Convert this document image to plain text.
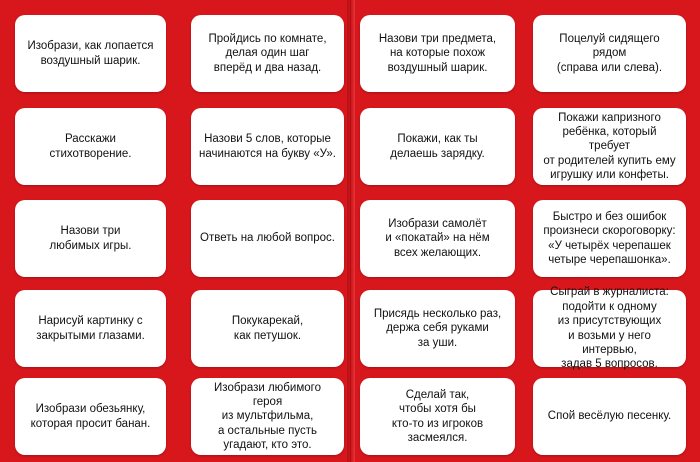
Изобрази, как лопается
воздушный шарик.
Пройдись по комнате,
делая один шаг
вперёд и два назад.
Назови три предмета,
на которые похож
воздушный шарик.
Поцелуй сидящего рядом
(справа или слева).
Расскажи
стихотворение.
Назови 5 слов, которые
начинаются на букву «У».
Покажи, как ты
делаешь зарядку.
Покажи капризного
ребёнка, который требует
от родителей купить ему
игрушку или конфеты.
Назови три
любимых игры.
Ответь на любой вопрос.
Изобрази самолёт
и «покатай» на нём
всех желающих.
Быстро и без ошибок
произнеси скороговорку:
«У четырёх черепашек
четыре черепашонка».
Нарисуй картинку с
закрытыми глазами.
Покукарекай,
как петушок.
Присядь несколько раз,
держа себя руками
за уши.
Сыграй в журналиста:
подойти к одному
из присутствующих
и возьми у него интервью,
задав 5 вопросов.
Изобрази обезьянку,
которая просит банан.
Изобрази любимого героя
из мультфильма,
а остальные пусть
угадают, кто это.
Сделай так,
чтобы хотя бы
кто-то из игроков
засмеялся.
Спой весёлую песенку.
